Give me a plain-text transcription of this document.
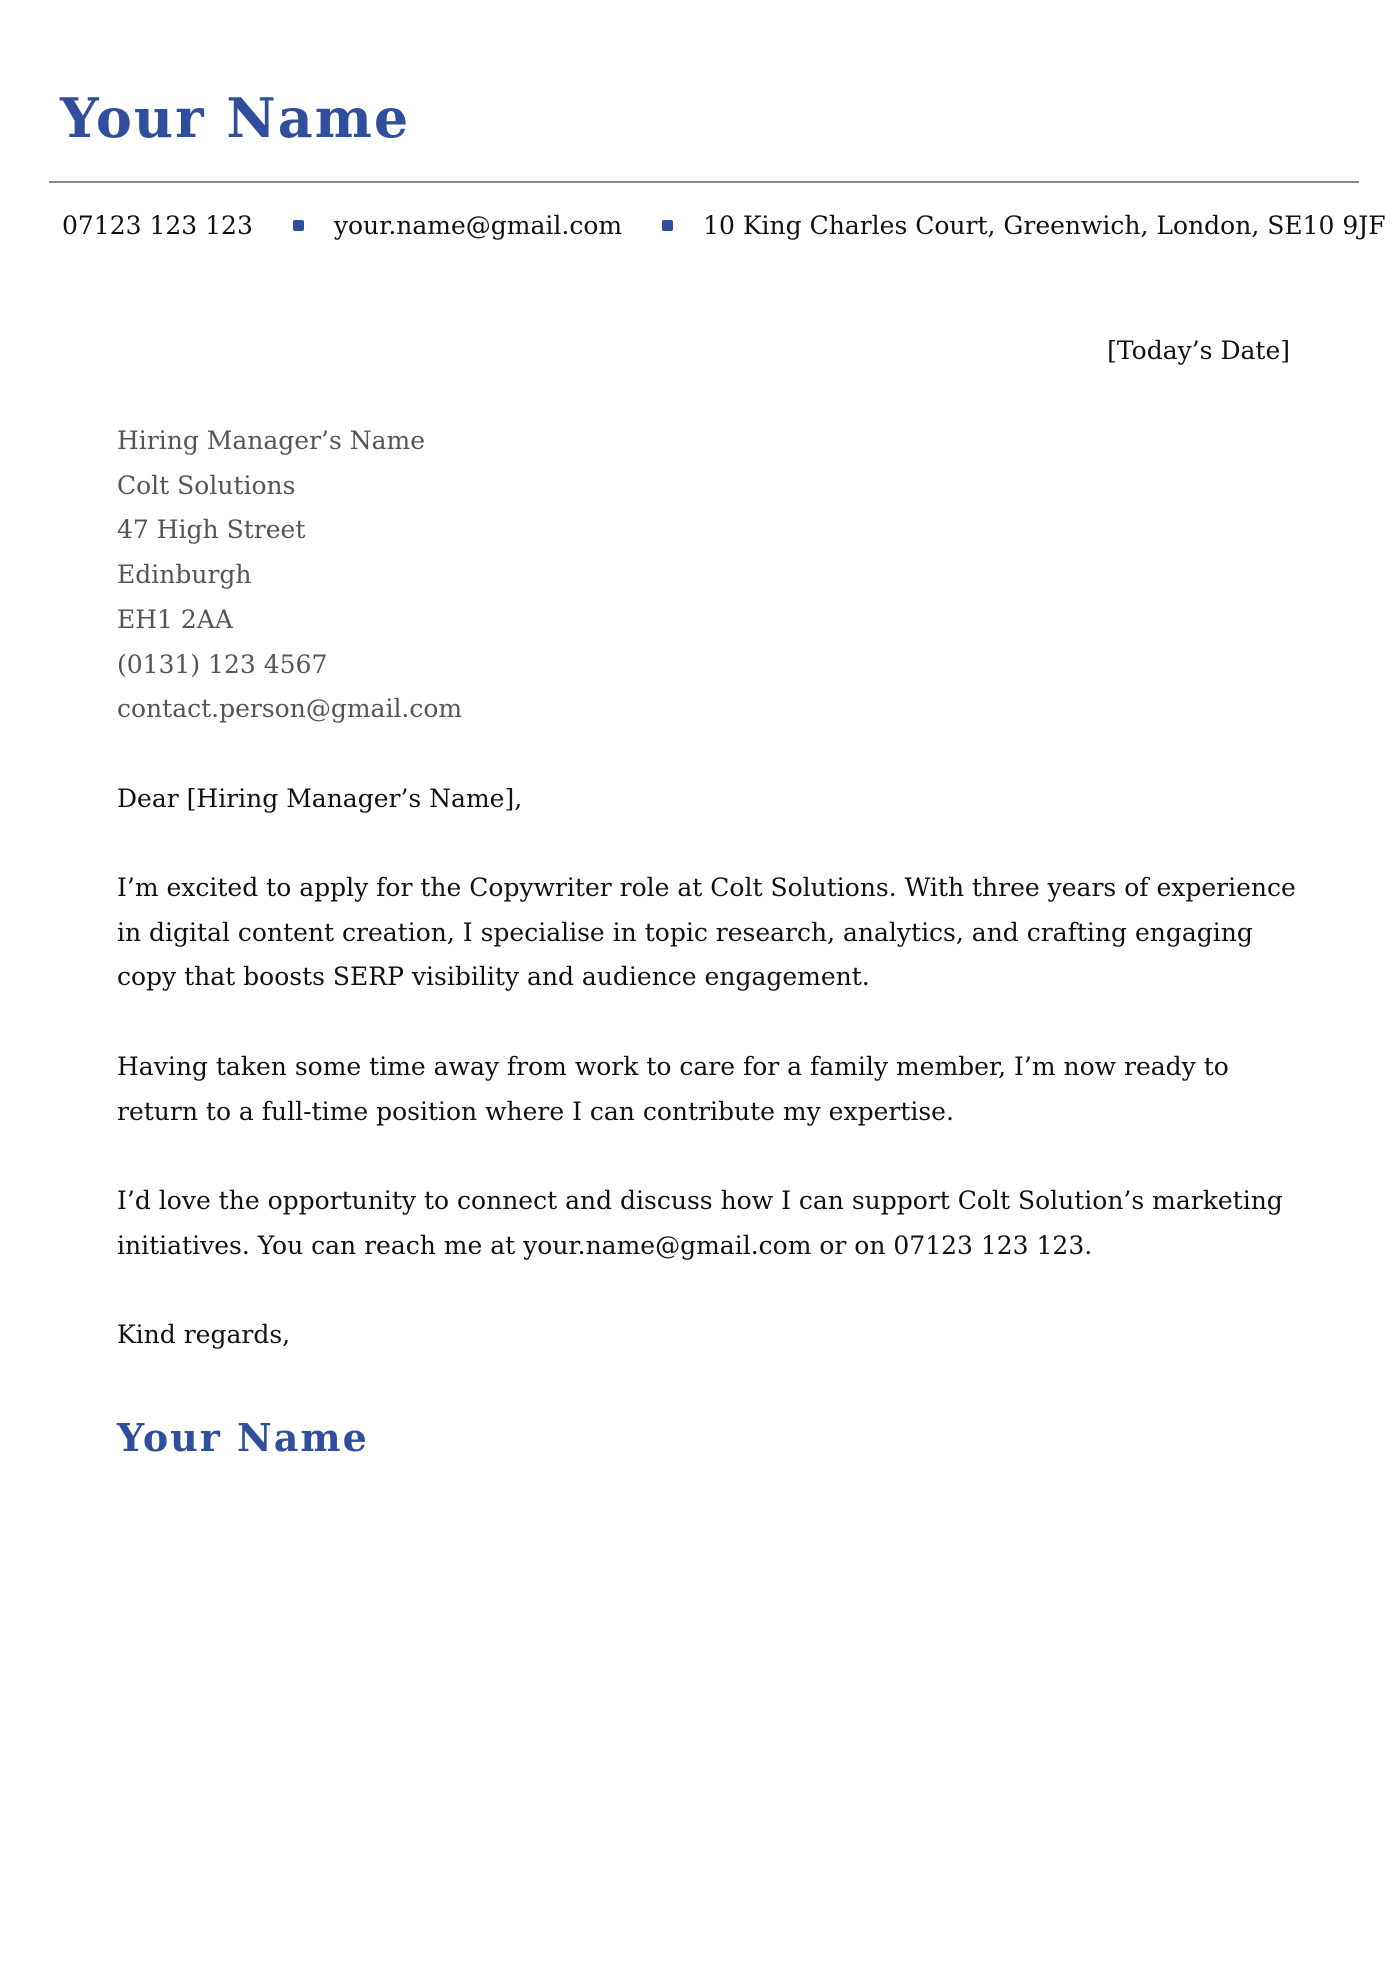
Your Name
07123 123 123	your.name@gmail.com	10 King Charles Court, Greenwich, London, SE10 9JF
[Today’s Date]
Hiring Manager’s Name
Colt Solutions
47 High Street
Edinburgh
EH1 2AA
(0131) 123 4567
contact.person@gmail.com

Dear [Hiring Manager’s Name],

I’m excited to apply for the Copywriter role at Colt Solutions. With three years of experience in digital content creation, I specialise in topic research, analytics, and crafting engaging copy that boosts SERP visibility and audience engagement.

Having taken some time away from work to care for a family member, I’m now ready to return to a full-time position where I can contribute my expertise.

I’d love the opportunity to connect and discuss how I can support Colt Solution’s marketing initiatives. You can reach me at your.name@gmail.com or on 07123 123 123.

Kind regards,

Your Name
